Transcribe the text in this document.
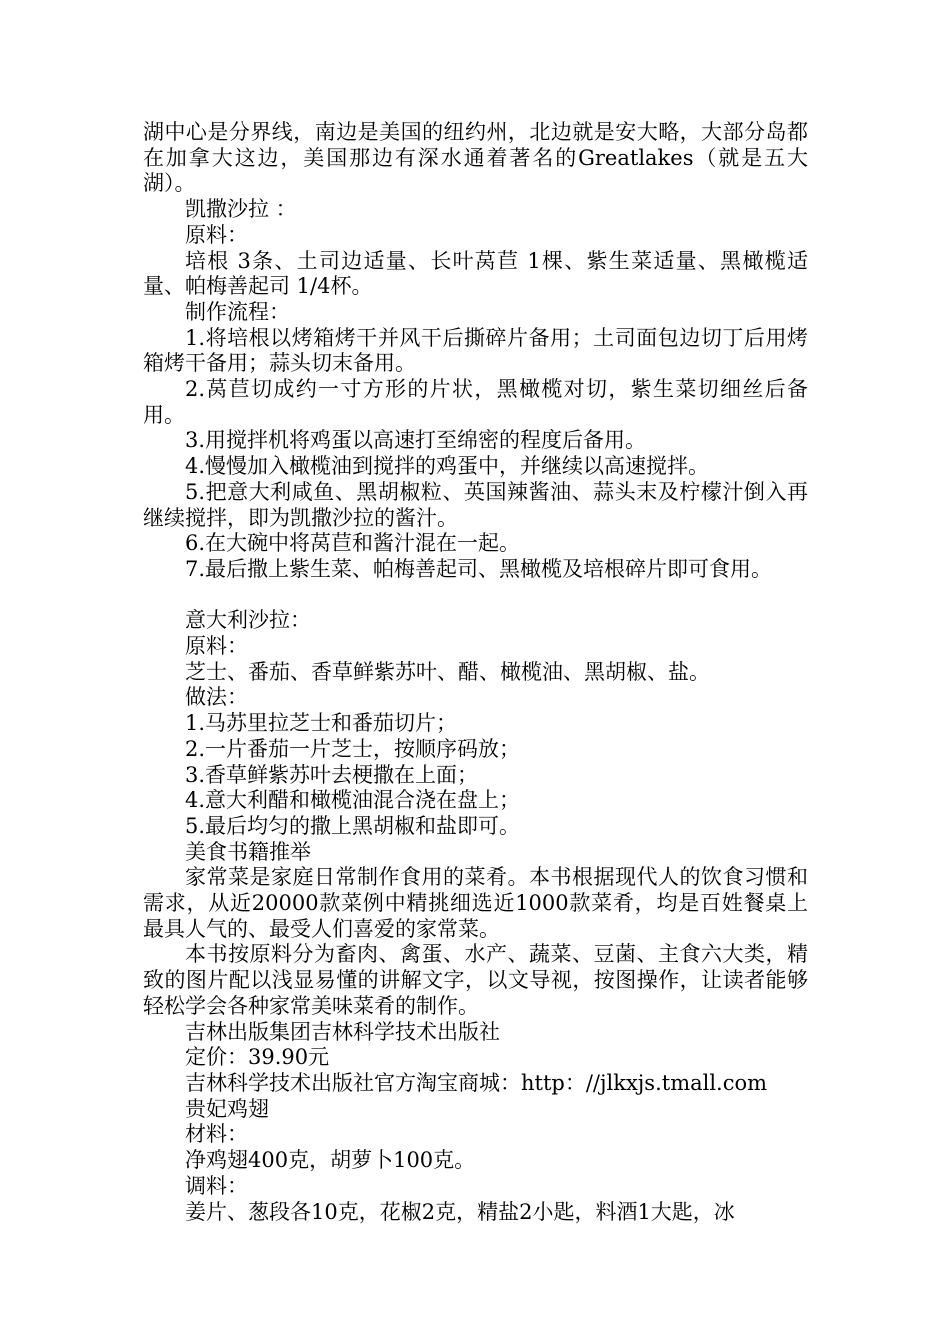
湖中心是分界线，南边是美国的纽约州，北边就是安大略，大部分岛都在加拿大这边，美国那边有深水通着著名的Greatlakes（就是五大湖）。

凯撒沙拉 ：

原料：

培根 3条、土司边适量、长叶莴苣 1棵、紫生菜适量、黑橄榄适量、帕梅善起司 1/4杯。

制作流程：

1.将培根以烤箱烤干并风干后撕碎片备用；土司面包边切丁后用烤箱烤干备用；蒜头切末备用。

2.莴苣切成约一寸方形的片状，黑橄榄对切，紫生菜切细丝后备用。

3.用搅拌机将鸡蛋以高速打至绵密的程度后备用。

4.慢慢加入橄榄油到搅拌的鸡蛋中，并继续以高速搅拌。

5.把意大利咸鱼、黑胡椒粒、英国辣酱油、蒜头末及柠檬汁倒入再继续搅拌，即为凯撒沙拉的酱汁。

6.在大碗中将莴苣和酱汁混在一起。

7.最后撒上紫生菜、帕梅善起司、黑橄榄及培根碎片即可食用。

意大利沙拉：

原料：

芝士、番茄、香草鲜紫苏叶、醋、橄榄油、黑胡椒、盐。

做法：

1.马苏里拉芝士和番茄切片；

2.一片番茄一片芝士，按顺序码放；

3.香草鲜紫苏叶去梗撒在上面；

4.意大利醋和橄榄油混合浇在盘上；

5.最后均匀的撒上黑胡椒和盐即可。

美食书籍推举

家常菜是家庭日常制作食用的菜肴。本书根据现代人的饮食习惯和需求，从近20000款菜例中精挑细选近1000款菜肴，均是百姓餐桌上最具人气的、最受人们喜爱的家常菜。

本书按原料分为畜肉、禽蛋、水产、蔬菜、豆菌、主食六大类，精致的图片配以浅显易懂的讲解文字，以文导视，按图操作，让读者能够轻松学会各种家常美味菜肴的制作。

吉林出版集团吉林科学技术出版社

定价：39.90元

吉林科学技术出版社官方淘宝商城：http：//jlkxjs.tmall.com

贵妃鸡翅

材料：

净鸡翅400克，胡萝卜100克。

调料：

姜片、葱段各10克，花椒2克，精盐2小匙，料酒1大匙，冰
